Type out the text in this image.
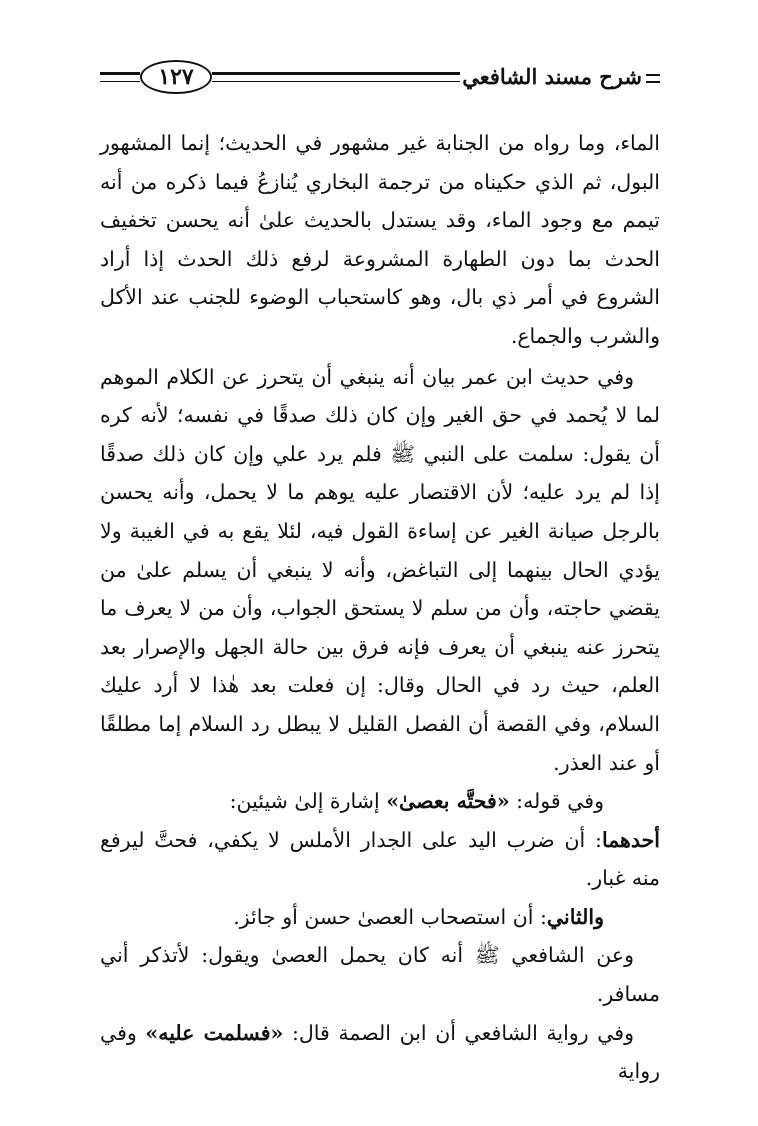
شرح مسند الشافعي
١٢٧

الماء، وما رواه من الجنابة غير مشهور في الحديث؛ إنما المشهور البول، ثم الذي حكيناه من ترجمة البخاري يُنازعُ فيما ذكره من أنه تيمم مع وجود الماء، وقد يستدل بالحديث علىٰ أنه يحسن تخفيف الحدث بما دون الطهارة المشروعة لرفع ذلك الحدث إذا أراد الشروع في أمر ذي بال، وهو كاستحباب الوضوء للجنب عند الأكل والشرب والجماع.

وفي حديث ابن عمر بيان أنه ينبغي أن يتحرز عن الكلام الموهم لما لا يُحمد في حق الغير وإن كان ذلك صدقًا في نفسه؛ لأنه كره أن يقول: سلمت على النبي ﷺ فلم يرد علي وإن كان ذلك صدقًا إذا لم يرد عليه؛ لأن الاقتصار عليه يوهم ما لا يحمل، وأنه يحسن بالرجل صيانة الغير عن إساءة القول فيه، لئلا يقع به في الغيبة ولا يؤدي الحال بينهما إلى التباغض، وأنه لا ينبغي أن يسلم علىٰ من يقضي حاجته، وأن من سلم لا يستحق الجواب، وأن من لا يعرف ما يتحرز عنه ينبغي أن يعرف فإنه فرق بين حالة الجهل والإصرار بعد العلم، حيث رد في الحال وقال: إن فعلت بعد هٰذا لا أرد عليك السلام، وفي القصة أن الفصل القليل لا يبطل رد السلام إما مطلقًا أو عند العذر.

وفي قوله: «فحتَّه بعصىٰ» إشارة إلىٰ شيئين:

أحدهما: أن ضرب اليد على الجدار الأملس لا يكفي، فحتَّ ليرفع منه غبار.

والثاني: أن استصحاب العصىٰ حسن أو جائز.

وعن الشافعي ﷺ أنه كان يحمل العصىٰ ويقول: لأتذكر أني مسافر.

وفي رواية الشافعي أن ابن الصمة قال: «فسلمت عليه» وفي رواية
